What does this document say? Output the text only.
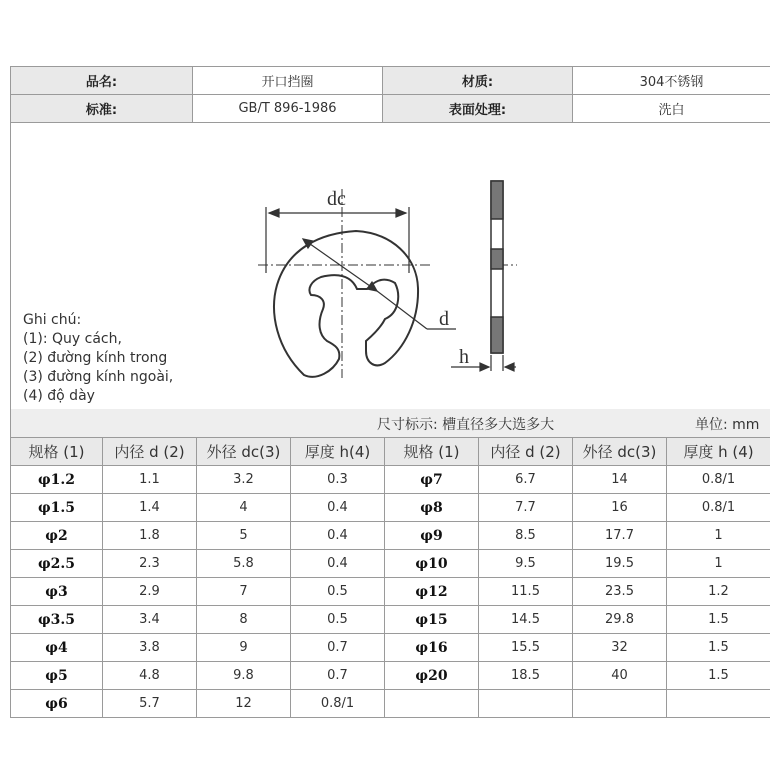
品名:	开口挡圈	材质:	304不锈钢
标准:	GB/T 896-1986	表面处理:	洗白
dc
d
h
Ghi chú:
(1): Quy cách,
(2) đường kính trong
(3) đường kính ngoài,
(4) độ dày
尺寸标示: 槽直径多大选多大	单位: mm
规格 (1)	内径 d (2)	外径 dc(3)	厚度 h(4)	规格 (1)	内径 d (2)	外径 dc(3)	厚度 h (4)
φ1.2	1.1	3.2	0.3	φ7	6.7	14	0.8/1
φ1.5	1.4	4	0.4	φ8	7.7	16	0.8/1
φ2	1.8	5	0.4	φ9	8.5	17.7	1
φ2.5	2.3	5.8	0.4	φ10	9.5	19.5	1
φ3	2.9	7	0.5	φ12	11.5	23.5	1.2
φ3.5	3.4	8	0.5	φ15	14.5	29.8	1.5
φ4	3.8	9	0.7	φ16	15.5	32	1.5
φ5	4.8	9.8	0.7	φ20	18.5	40	1.5
φ6	5.7	12	0.8/1				
